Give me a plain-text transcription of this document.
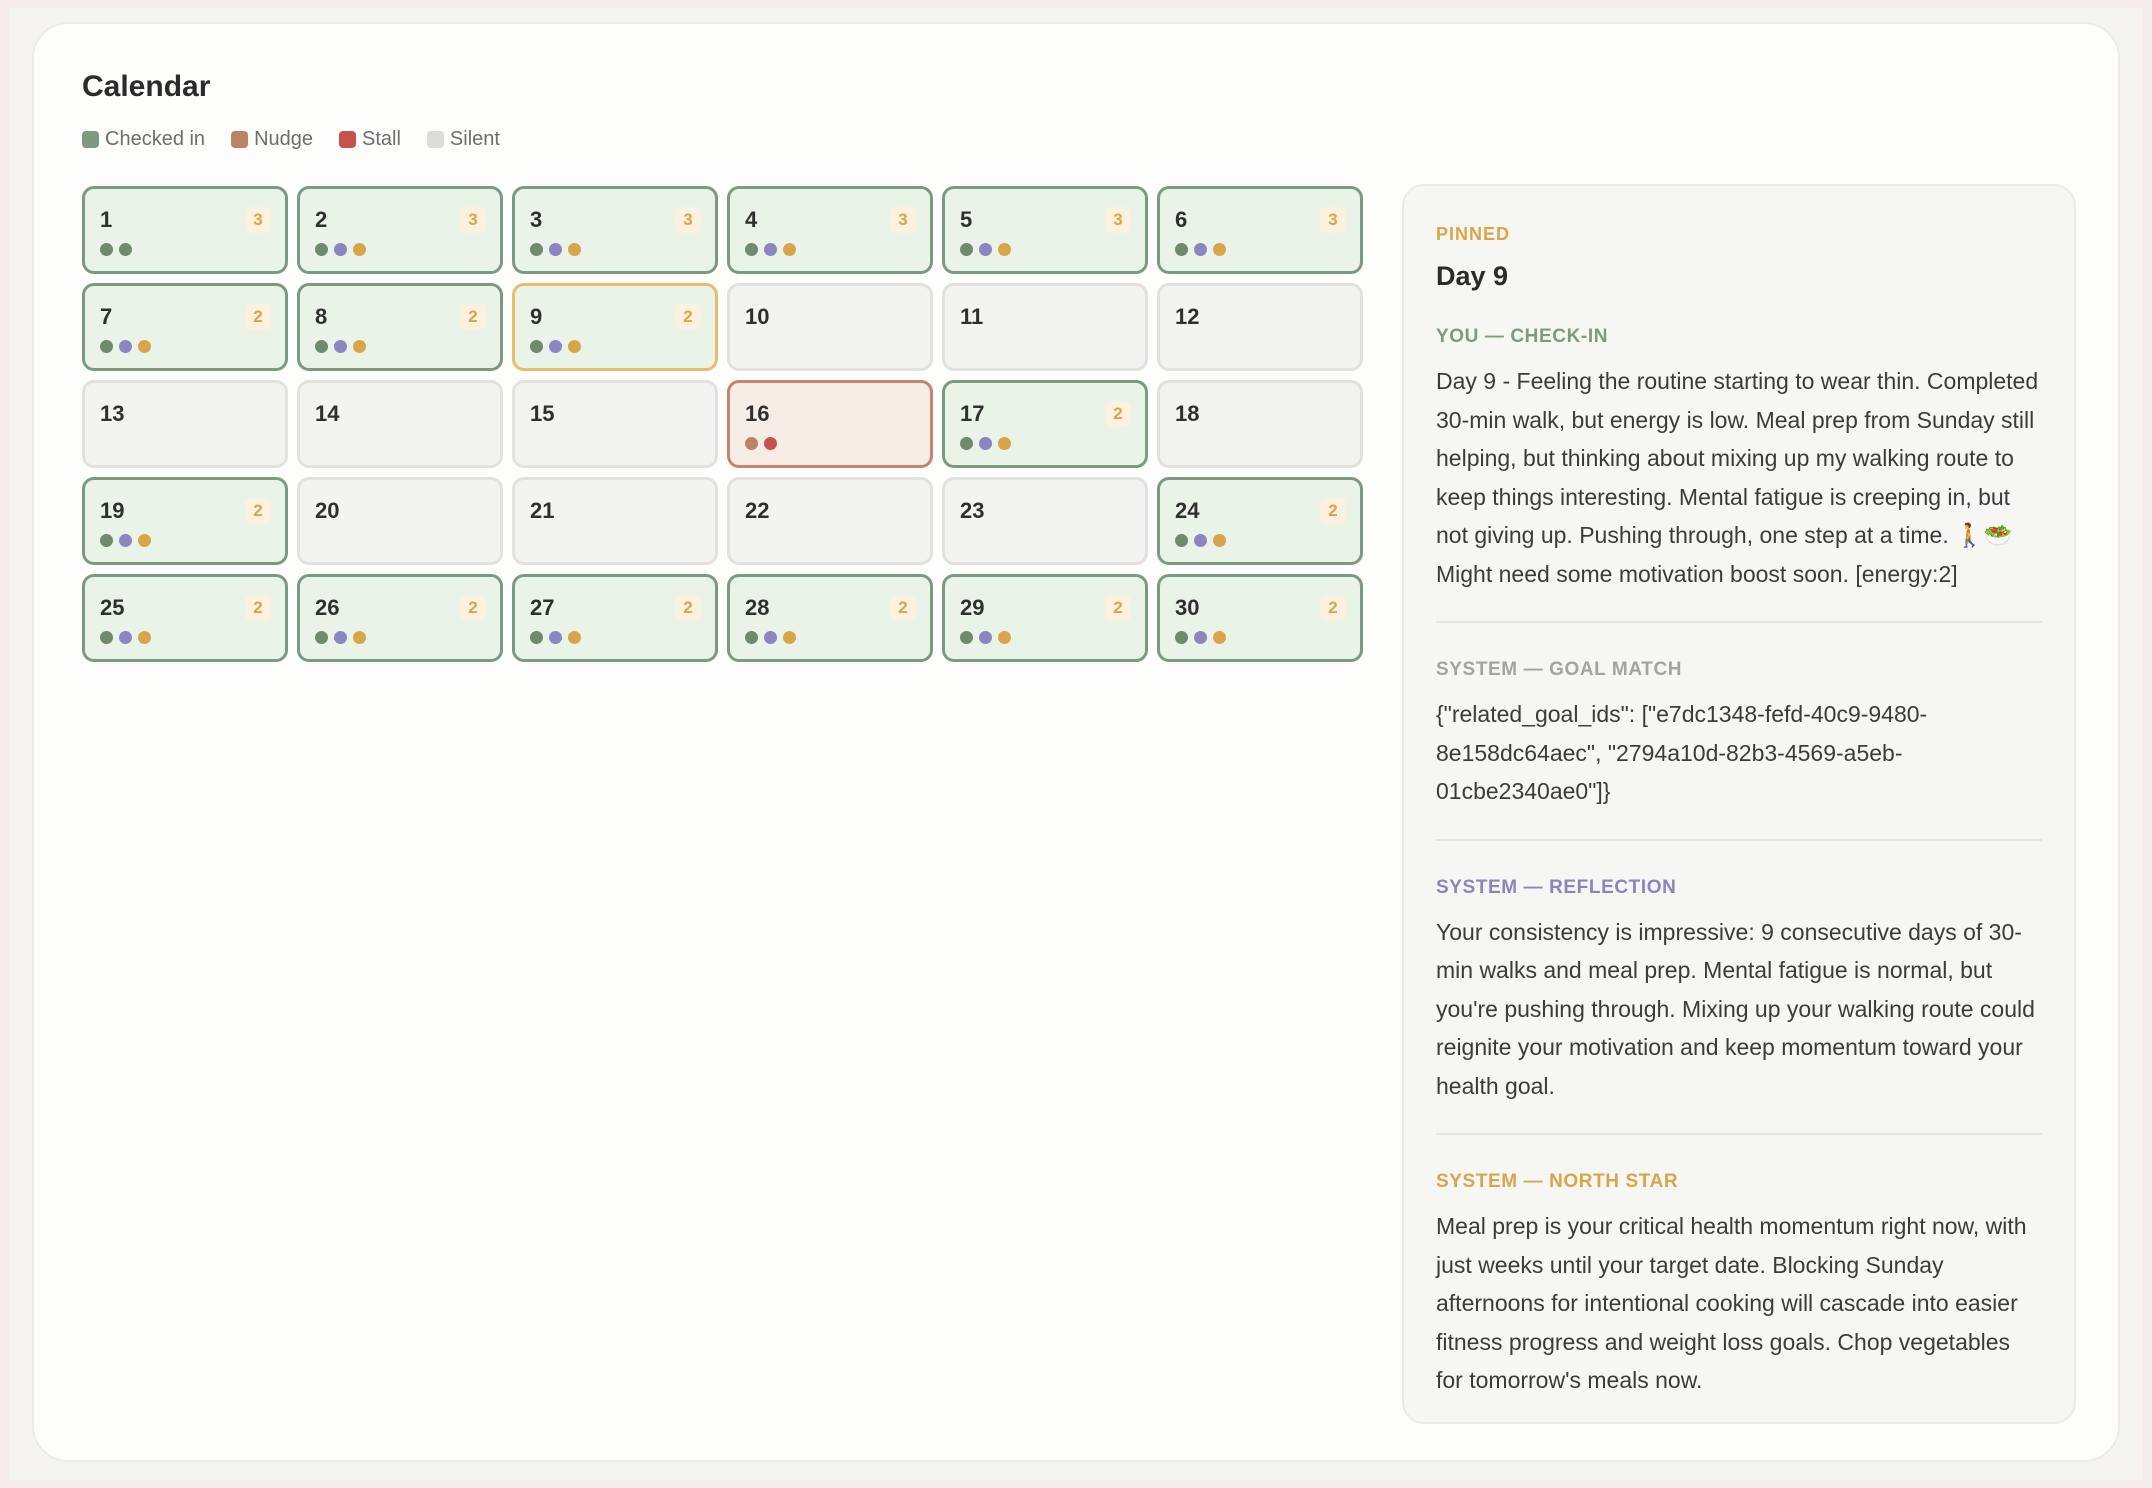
Calendar
Checked in Nudge Stall Silent
1	3	2	3	3	3	4	3	5	3	6	3
7	2	8	2	9	2	10	11	12
13	14	15	16	17	2	18
19	2	20	21	22	23	24	2
25	2	26	2	27	2	28	2	29	2	30	2
PINNED
Day 9
YOU — CHECK-IN
Day 9 - Feeling the routine starting to wear thin. Completed 30-min walk, but energy is low. Meal prep from Sunday still helping, but thinking about mixing up my walking route to keep things interesting. Mental fatigue is creeping in, but not giving up. Pushing through, one step at a time. 🚶🥗 Might need some motivation boost soon. [energy:2]
SYSTEM — GOAL MATCH
{"related_goal_ids": ["e7dc1348-fefd-40c9-9480-8e158dc64aec", "2794a10d-82b3-4569-a5eb-01cbe2340ae0"]}
SYSTEM — REFLECTION
Your consistency is impressive: 9 consecutive days of 30-min walks and meal prep. Mental fatigue is normal, but you're pushing through. Mixing up your walking route could reignite your motivation and keep momentum toward your health goal.
SYSTEM — NORTH STAR
Meal prep is your critical health momentum right now, with just weeks until your target date. Blocking Sunday afternoons for intentional cooking will cascade into easier fitness progress and weight loss goals. Chop vegetables for tomorrow's meals now.
